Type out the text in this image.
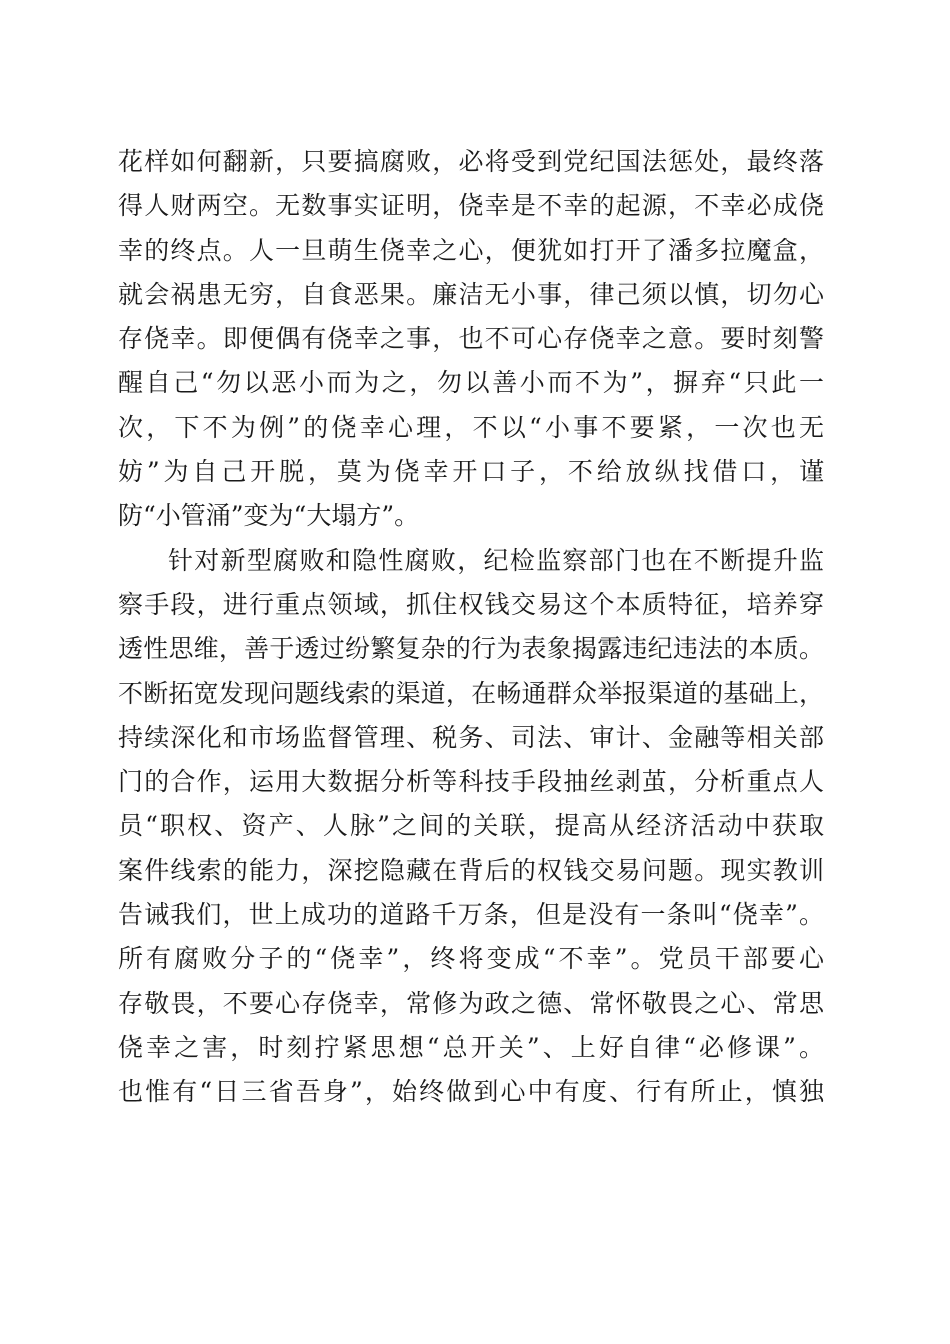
花样如何翻新，只要搞腐败，必将受到党纪国法惩处，最终落
得人财两空。无数事实证明，侥幸是不幸的起源，不幸必成侥
幸的终点。人一旦萌生侥幸之心，便犹如打开了潘多拉魔盒，
就会祸患无穷，自食恶果。廉洁无小事，律己须以慎，切勿心
存侥幸。即便偶有侥幸之事，也不可心存侥幸之意。要时刻警
醒自己“勿以恶小而为之，勿以善小而不为”，摒弃“只此一
次，下不为例”的侥幸心理，不以“小事不要紧，一次也无
妨”为自己开脱，莫为侥幸开口子，不给放纵找借口，谨
防“小管涌”变为“大塌方”。
针对新型腐败和隐性腐败，纪检监察部门也在不断提升监
察手段，进行重点领域，抓住权钱交易这个本质特征，培养穿
透性思维，善于透过纷繁复杂的行为表象揭露违纪违法的本质。
不断拓宽发现问题线索的渠道，在畅通群众举报渠道的基础上，
持续深化和市场监督管理、税务、司法、审计、金融等相关部
门的合作，运用大数据分析等科技手段抽丝剥茧，分析重点人
员“职权、资产、人脉”之间的关联，提高从经济活动中获取
案件线索的能力，深挖隐藏在背后的权钱交易问题。现实教训
告诫我们，世上成功的道路千万条，但是没有一条叫“侥幸”。
所有腐败分子的“侥幸”，终将变成“不幸”。党员干部要心
存敬畏，不要心存侥幸，常修为政之德、常怀敬畏之心、常思
侥幸之害，时刻拧紧思想“总开关”、上好自律“必修课”。
也惟有“日三省吾身”，始终做到心中有度、行有所止，慎独
